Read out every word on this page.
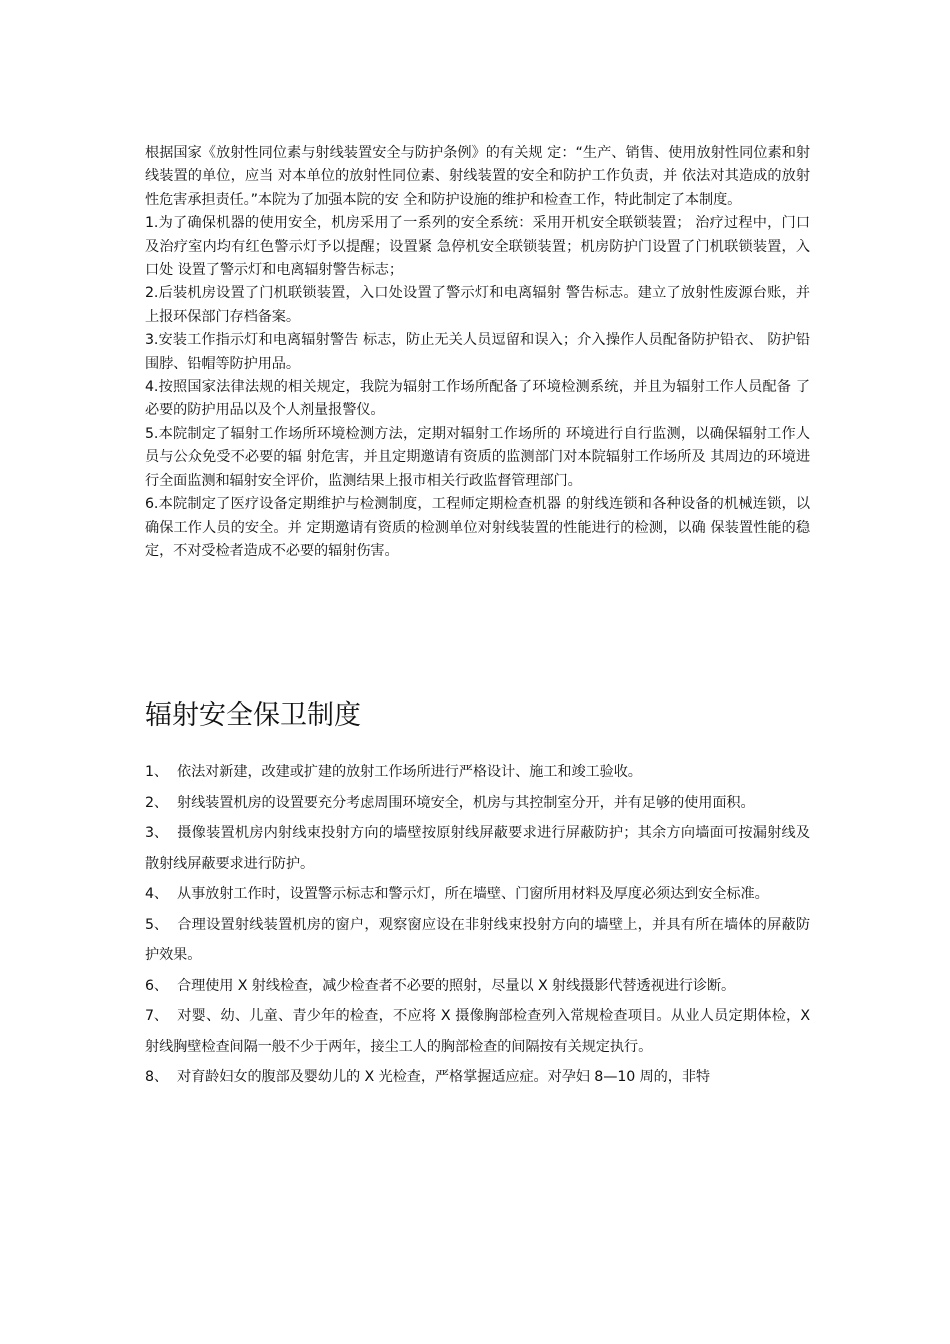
根据国家《放射性同位素与射线装置安全与防护条例》的有关规 定：“生产、销售、使用放射性同位素和射线装置的单位，应当 对本单位的放射性同位素、射线装置的安全和防护工作负责，并 依法对其造成的放射性危害承担责任。”本院为了加强本院的安 全和防护设施的维护和检查工作，特此制定了本制度。

1.为了确保机器的使用安全，机房采用了一系列的安全系统：采用开机安全联锁装置； 治疗过程中，门口及治疗室内均有红色警示灯予以提醒；设置紧 急停机安全联锁装置；机房防护门设置了门机联锁装置，入口处 设置了警示灯和电离辐射警告标志；

2.后装机房设置了门机联锁装置，入口处设置了警示灯和电离辐射 警告标志。建立了放射性废源台账，并上报环保部门存档备案。

3.安装工作指示灯和电离辐射警告 标志，防止无关人员逗留和误入；介入操作人员配备防护铅衣、 防护铅围脖、铅帽等防护用品。

4.按照国家法律法规的相关规定，我院为辐射工作场所配备了环境检测系统，并且为辐射工作人员配备 了必要的防护用品以及个人剂量报警仪。

5.本院制定了辐射工作场所环境检测方法，定期对辐射工作场所的 环境进行自行监测，以确保辐射工作人员与公众免受不必要的辐 射危害，并且定期邀请有资质的监测部门对本院辐射工作场所及 其周边的环境进行全面监测和辐射安全评价，监测结果上报市相关行政监督管理部门。

6.本院制定了医疗设备定期维护与检测制度，工程师定期检查机器 的射线连锁和各种设备的机械连锁，以确保工作人员的安全。并 定期邀请有资质的检测单位对射线装置的性能进行的检测，以确 保装置性能的稳定，不对受检者造成不必要的辐射伤害。

辐射安全保卫制度

1、 依法对新建，改建或扩建的放射工作场所进行严格设计、施工和竣工验收。

2、 射线装置机房的设置要充分考虑周围环境安全，机房与其控制室分开，并有足够的使用面积。

3、 摄像装置机房内射线束投射方向的墙壁按原射线屏蔽要求进行屏蔽防护；其余方向墙面可按漏射线及散射线屏蔽要求进行防护。

4、 从事放射工作时，设置警示标志和警示灯，所在墙壁、门窗所用材料及厚度必须达到安全标准。

5、 合理设置射线装置机房的窗户，观察窗应设在非射线束投射方向的墙壁上，并具有所在墙体的屏蔽防护效果。

6、 合理使用 X 射线检查，减少检查者不必要的照射，尽量以 X 射线摄影代替透视进行诊断。

7、 对婴、幼、儿童、青少年的检查，不应将 X 摄像胸部检查列入常规检查项目。从业人员定期体检，X 射线胸壁检查间隔一般不少于两年，接尘工人的胸部检查的间隔按有关规定执行。

8、 对育龄妇女的腹部及婴幼儿的 X 光检查，严格掌握适应症。对孕妇 8—10 周的，非特
